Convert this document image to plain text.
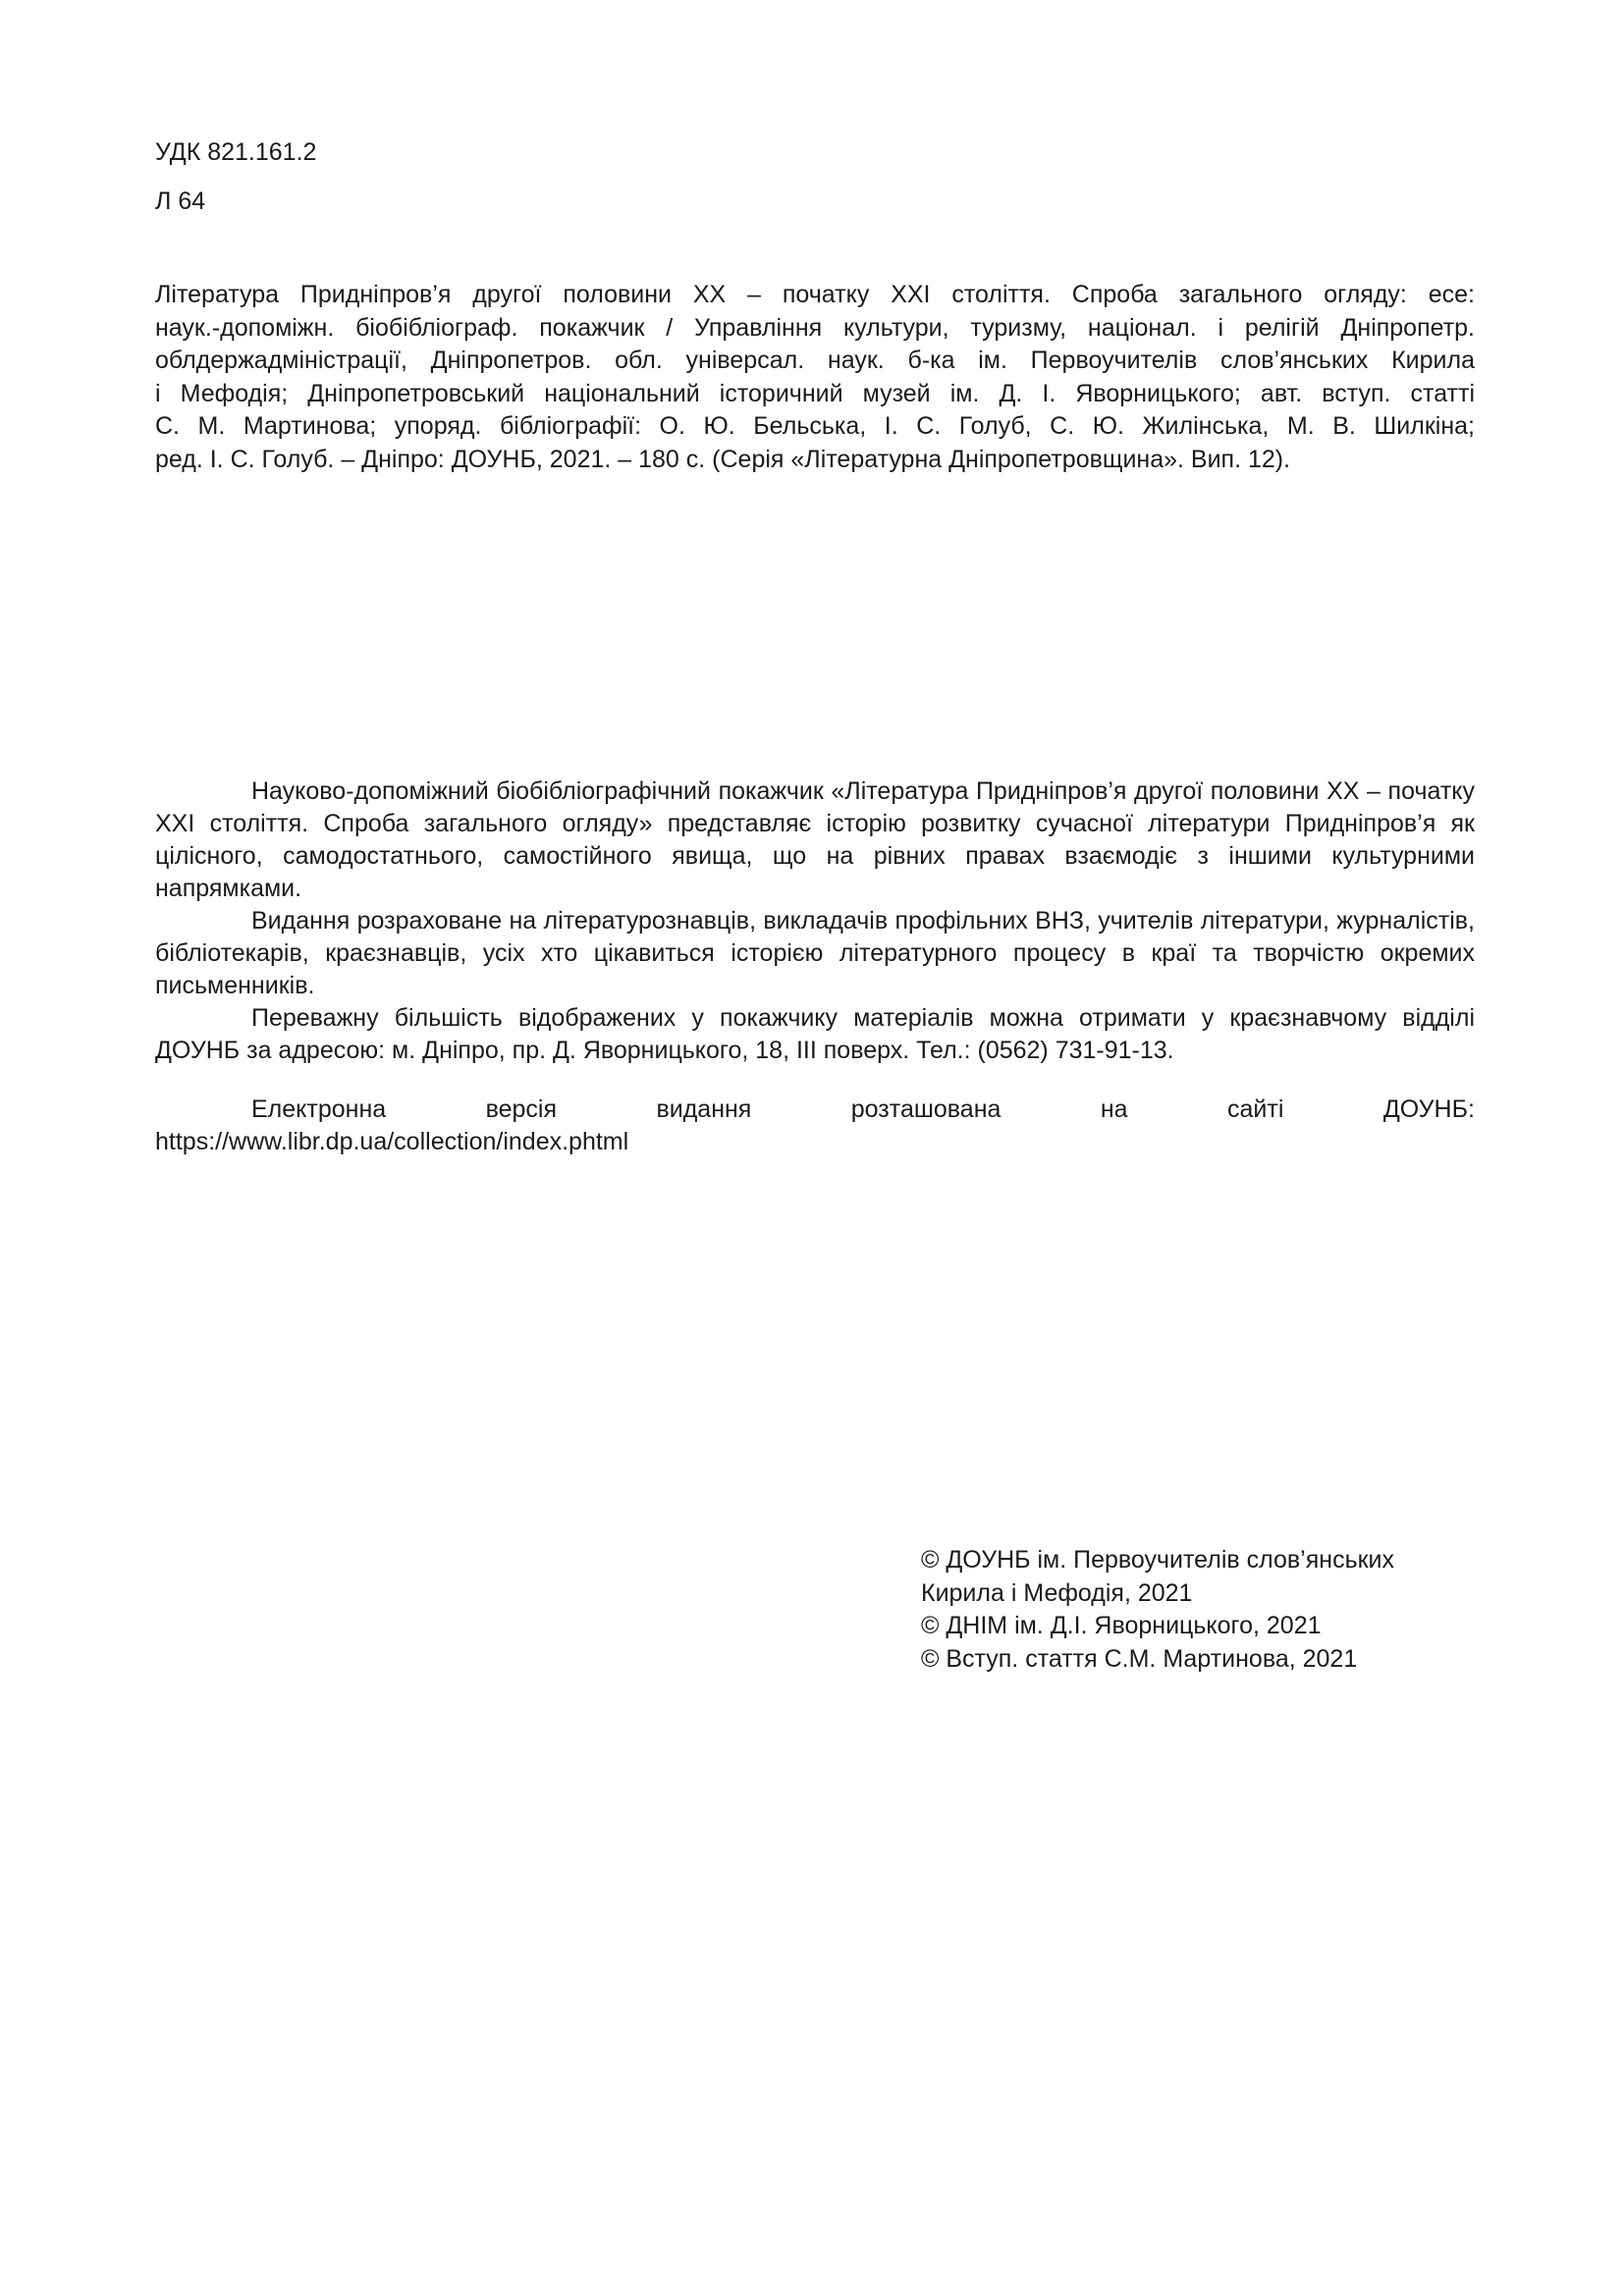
УДК 821.161.2
Л 64

Література Придніпров’я другої половини ХХ – початку ХХІ століття. Спроба загального огляду: есе:

наук.-допоміжн. біобібліограф. покажчик / Управління культури, туризму, націонал. і релігій Дніпропетр.

облдержадміністрації, Дніпропетров. обл. універсал. наук. б-ка ім. Первоучителів слов’янських Кирила

і Мефодія; Дніпропетровський національний історичний музей ім. Д. І. Яворницького; авт. вступ. статті

С. М. Мартинова; упоряд. бібліографії: О. Ю. Бельська, І. С. Голуб, С. Ю. Жилінська, М. В. Шилкіна;

ред. І. С. Голуб. – Дніпро: ДОУНБ, 2021. – 180 с. (Серія «Літературна Дніпропетровщина». Вип. 12).

Науково-допоміжний біобібліографічний покажчик «Література Придніпров’я другої половини ХХ – початку ХХІ століття. Спроба загального огляду» представляє історію розвитку сучасної літератури Придніпров’я як цілісного, самодостатнього, самостійного явища, що на рівних правах взаємодіє з іншими культурними напрямками.

Видання розраховане на літературознавців, викладачів профільних ВНЗ, учителів літератури, журналістів, бібліотекарів, краєзнавців, усіх хто цікавиться історією літературного процесу в краї та творчістю окремих письменників.

Переважну більшість відображених у покажчику матеріалів можна отримати у краєзнавчому відділі ДОУНБ за адресою: м. Дніпро, пр. Д. Яворницького, 18, ІІІ поверх. Тел.: (0562) 731-91-13.

Електронна	версія	видання	розташована	на	сайті	ДОУНБ:
https://www.libr.dp.ua/collection/index.phtml
© ДОУНБ ім. Первоучителів слов’янських
Кирила і Мефодія, 2021
© ДНІМ ім. Д.І. Яворницького, 2021
© Вступ. стаття С.М. Мартинова, 2021
